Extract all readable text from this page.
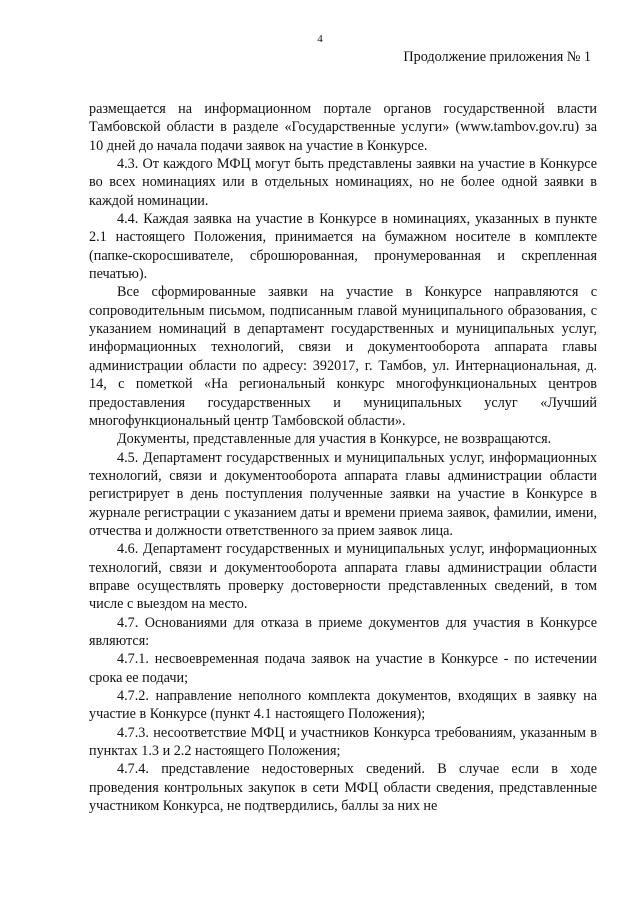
4
Продолжение приложения № 1

размещается на информационном портале органов государственной власти Тамбовской области в разделе «Государственные услуги» (www.tambov.gov.ru) за 10 дней до начала подачи заявок на участие в Конкурсе.

4.3. От каждого МФЦ могут быть представлены заявки на участие в Конкурсе во всех номинациях или в отдельных номинациях, но не более одной заявки в каждой номинации.

4.4. Каждая заявка на участие в Конкурсе в номинациях, указанных в пункте 2.1 настоящего Положения, принимается на бумажном носителе в комплекте (папке-скоросшивателе, сброшюрованная, пронумерованная и скрепленная печатью).

Все сформированные заявки на участие в Конкурсе направляются с сопроводительным письмом, подписанным главой муниципального образования, с указанием номинаций в департамент государственных и муниципальных услуг, информационных технологий, связи и документооборота аппарата главы администрации области по адресу: 392017, г. Тамбов, ул. Интернациональная, д. 14, с пометкой «На региональный конкурс многофункциональных центров предоставления государственных и муниципальных услуг «Лучший многофункциональный центр Тамбовской области».

Документы, представленные для участия в Конкурсе, не возвращаются.

4.5. Департамент государственных и муниципальных услуг, информационных технологий, связи и документооборота аппарата главы администрации области регистрирует в день поступления полученные заявки на участие в Конкурсе в журнале регистрации с указанием даты и времени приема заявок, фамилии, имени, отчества и должности ответственного за прием заявок лица.

4.6. Департамент государственных и муниципальных услуг, информационных технологий, связи и документооборота аппарата главы администрации области вправе осуществлять проверку достоверности представленных сведений, в том числе с выездом на место.

4.7. Основаниями для отказа в приеме документов для участия в Конкурсе являются:

4.7.1. несвоевременная подача заявок на участие в Конкурсе - по истечении срока ее подачи;

4.7.2. направление неполного комплекта документов, входящих в заявку на участие в Конкурсе (пункт 4.1 настоящего Положения);

4.7.3. несоответствие МФЦ и участников Конкурса требованиям, указанным в пунктах 1.3 и 2.2 настоящего Положения;

4.7.4. представление недостоверных сведений. В случае если в ходе проведения контрольных закупок в сети МФЦ области сведения, представленные участником Конкурса, не подтвердились, баллы за них не
